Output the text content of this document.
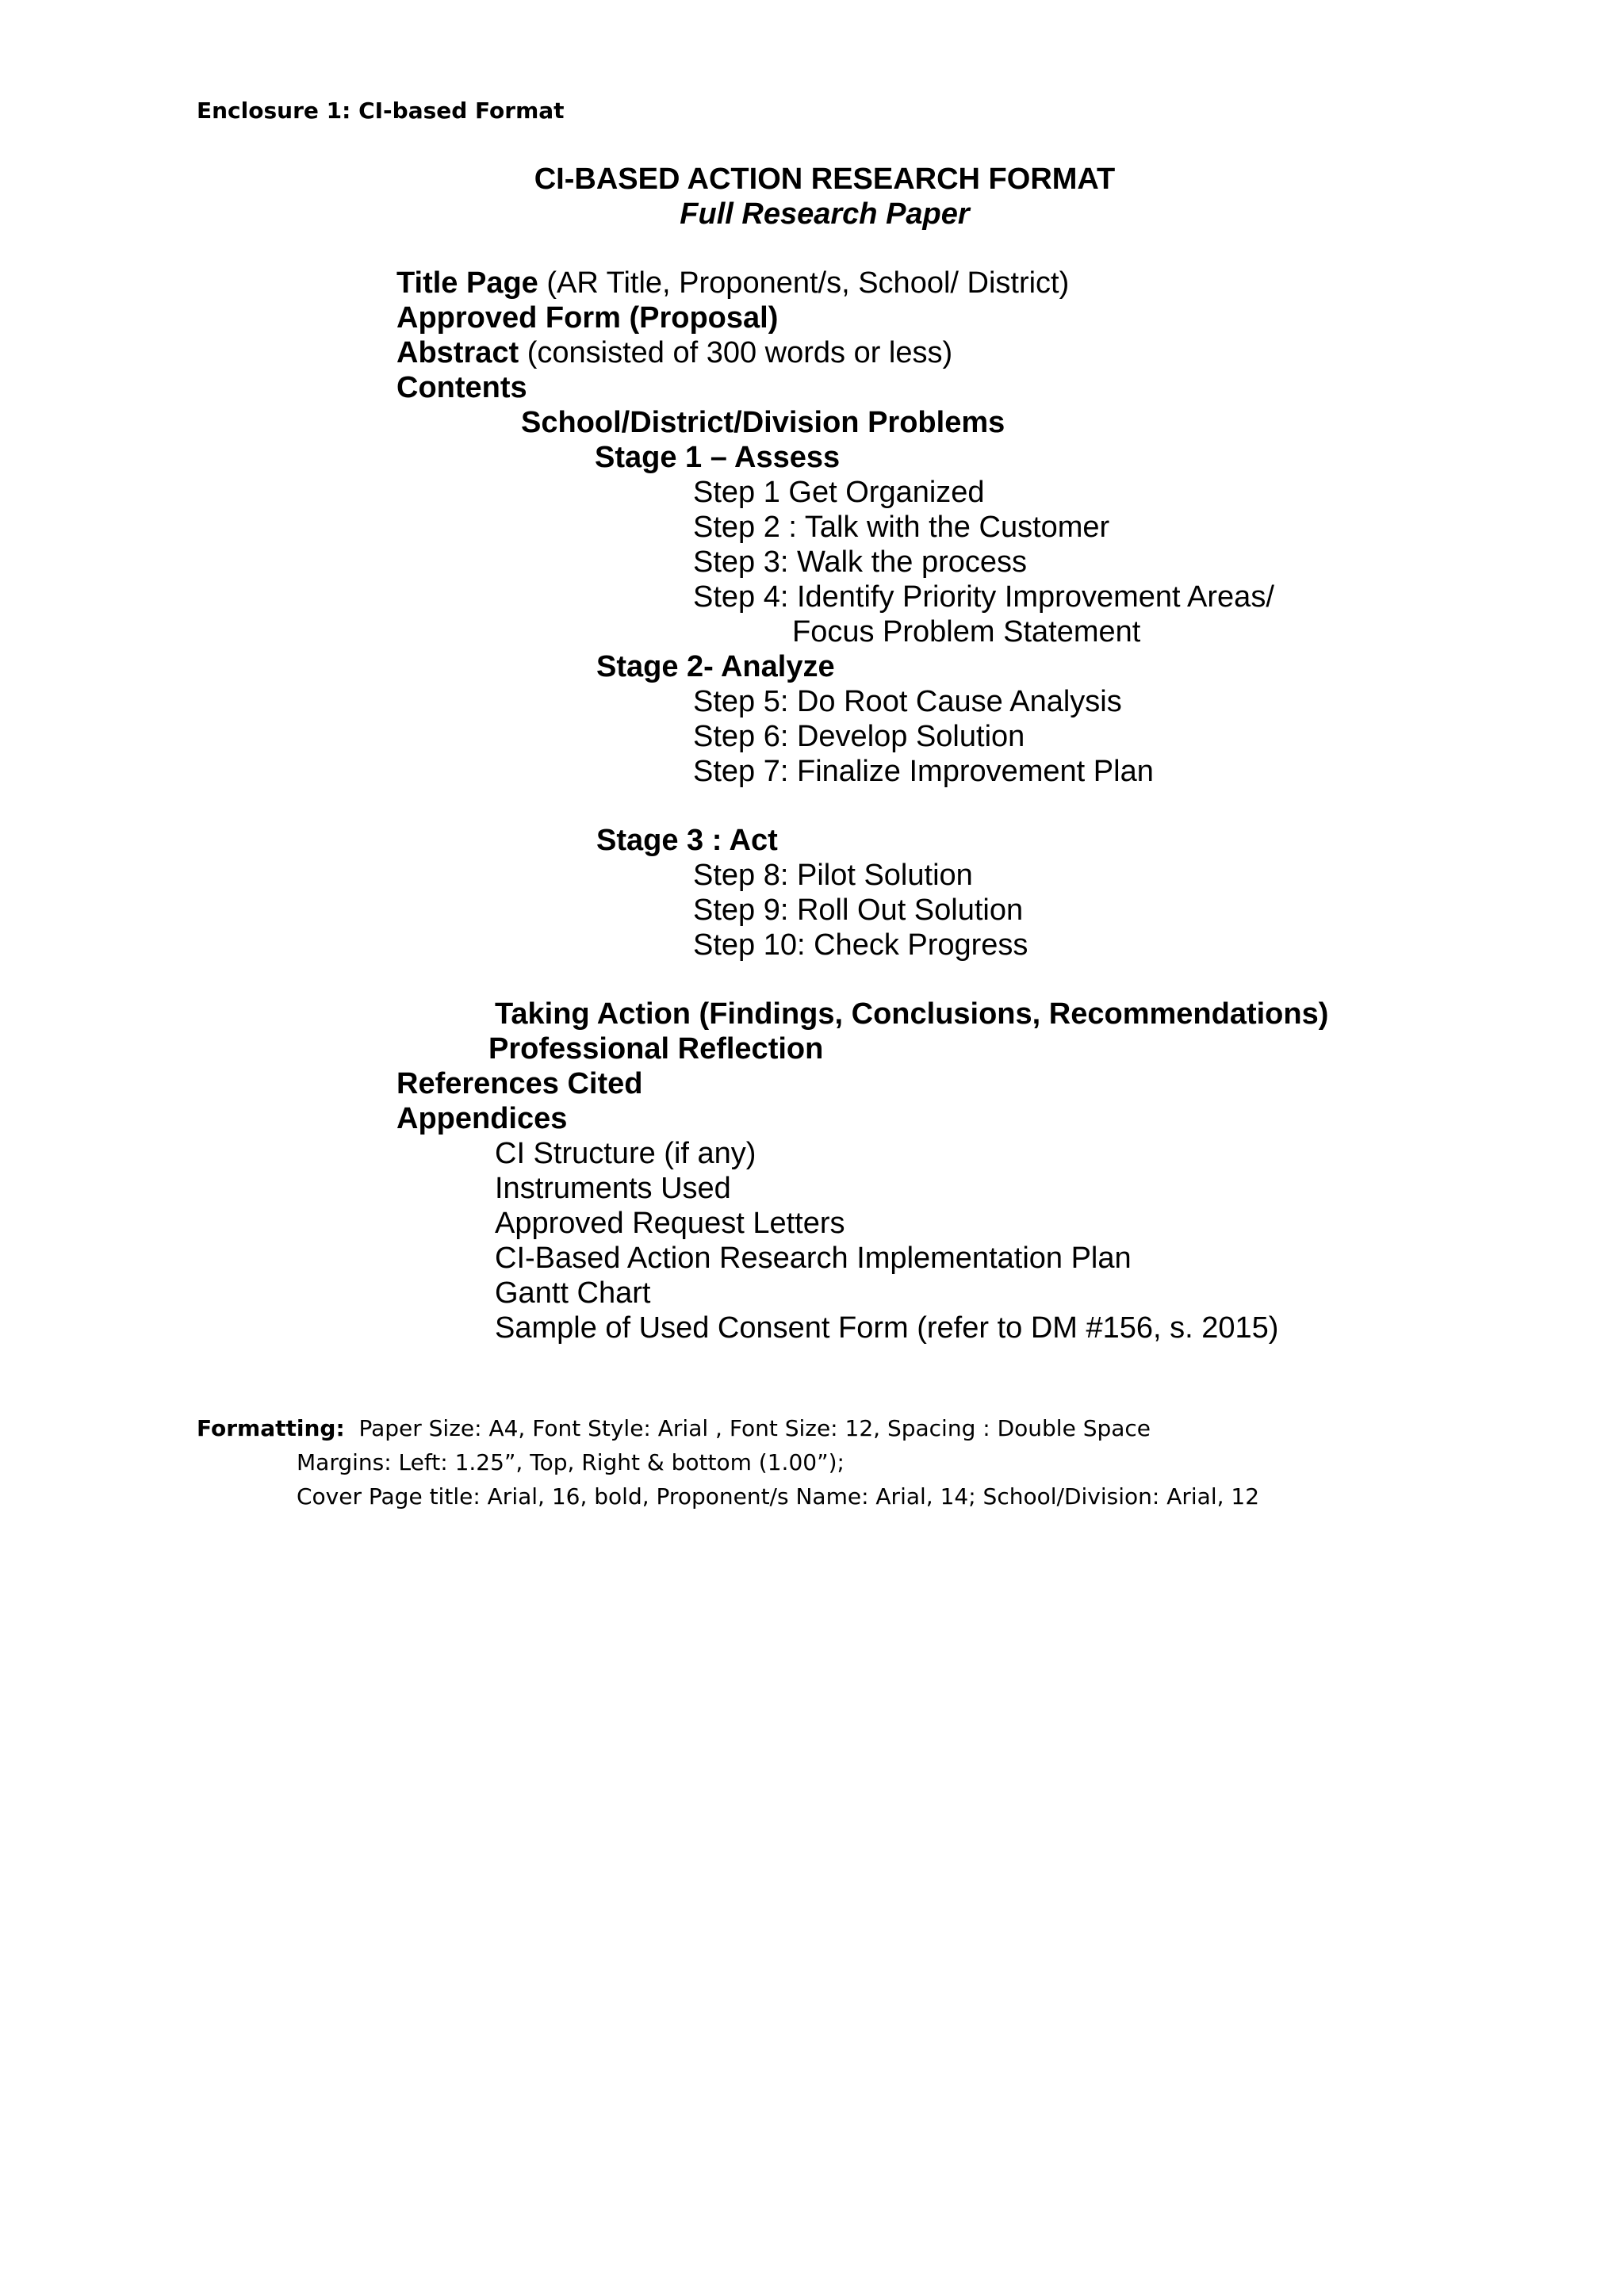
Enclosure 1: CI-based Format
CI-BASED ACTION RESEARCH FORMAT
Full Research Paper
Title Page (AR Title, Proponent/s, School/ District)
Approved Form (Proposal)
Abstract (consisted of 300 words or less)
Contents
School/District/Division Problems
Stage 1 – Assess
Step 1 Get Organized
Step 2 : Talk with the Customer
Step 3: Walk the process
Step 4: Identify Priority Improvement Areas/
Focus Problem Statement
Stage 2- Analyze
Step 5: Do Root Cause Analysis
Step 6: Develop Solution
Step 7: Finalize Improvement Plan
Stage 3 : Act
Step 8: Pilot Solution
Step 9: Roll Out Solution
Step 10: Check Progress
Taking Action (Findings, Conclusions, Recommendations)
Professional Reflection
References Cited
Appendices
CI Structure (if any)
Instruments Used
Approved Request Letters
CI-Based Action Research Implementation Plan
Gantt Chart
Sample of Used Consent Form (refer to DM #156, s. 2015)
Formatting:  Paper Size: A4, Font Style: Arial , Font Size: 12, Spacing : Double Space
Margins: Left: 1.25”, Top, Right & bottom (1.00”);
Cover Page title: Arial, 16, bold, Proponent/s Name: Arial, 14; School/Division: Arial, 12
